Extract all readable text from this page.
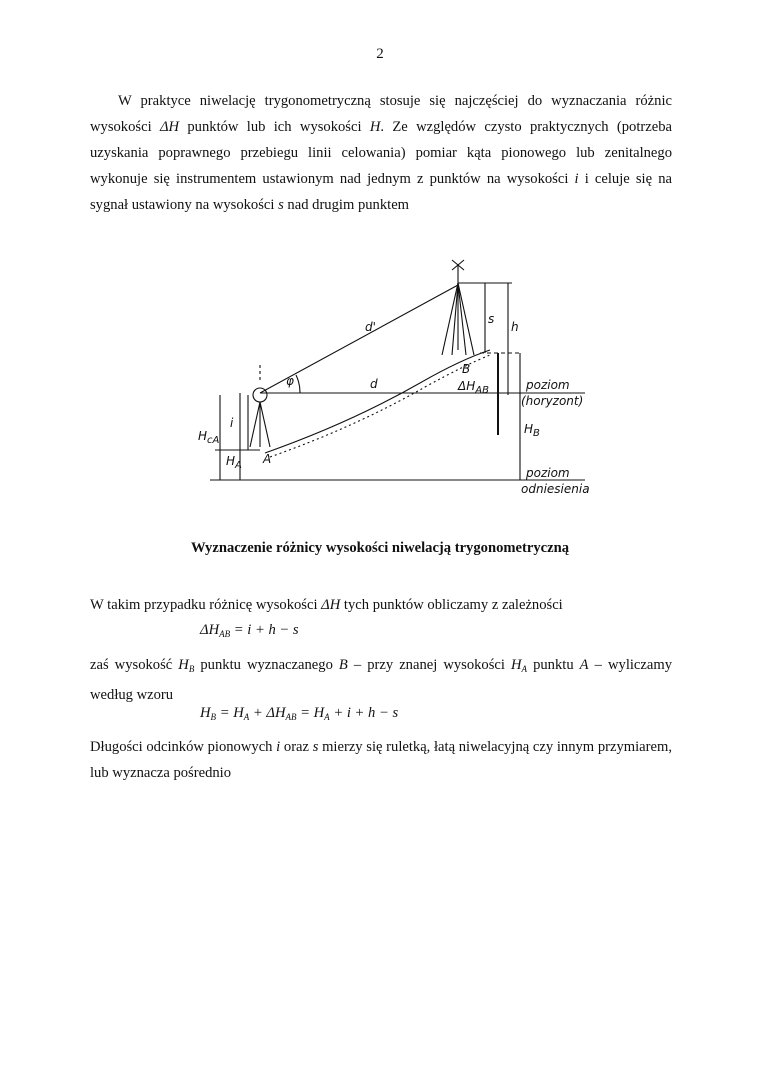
2

W praktyce niwelację trygonometryczną stosuje się najczęściej do wyznaczania różnic wysokości ΔH punktów lub ich wysokości H. Ze względów czysto praktycznych (potrzeba uzyskania poprawnego przebiegu linii celowania) pomiar kąta pionowego lub zenitalnego wykonuje się instrumentem ustawionym nad jednym z punktów na wysokości i i celuje się na sygnał ustawiony na wysokości s nad drugim punktem

d'
d
φ
s
h
B
A
i
$\Delta H_{AB}$
$H_B$
$H_{cA}$
$H_A$
poziom
(horyzont)
poziom
odniesienia
Wyznaczenie różnicy wysokości niwelacją trygonometryczną

W takim przypadku różnicę wysokości ΔH tych punktów obliczamy z zależności

$\Delta H_{AB} = i + h - s$

zaś wysokość $H_B$ punktu wyznaczanego B – przy znanej wysokości $H_A$ punktu A – wyliczamy według wzoru

$H_B = H_A + \Delta H_{AB} = H_A + i + h - s$

Długości odcinków pionowych i oraz s mierzy się ruletką, łatą niwelacyjną czy innym przymiarem, lub wyznacza pośrednio
